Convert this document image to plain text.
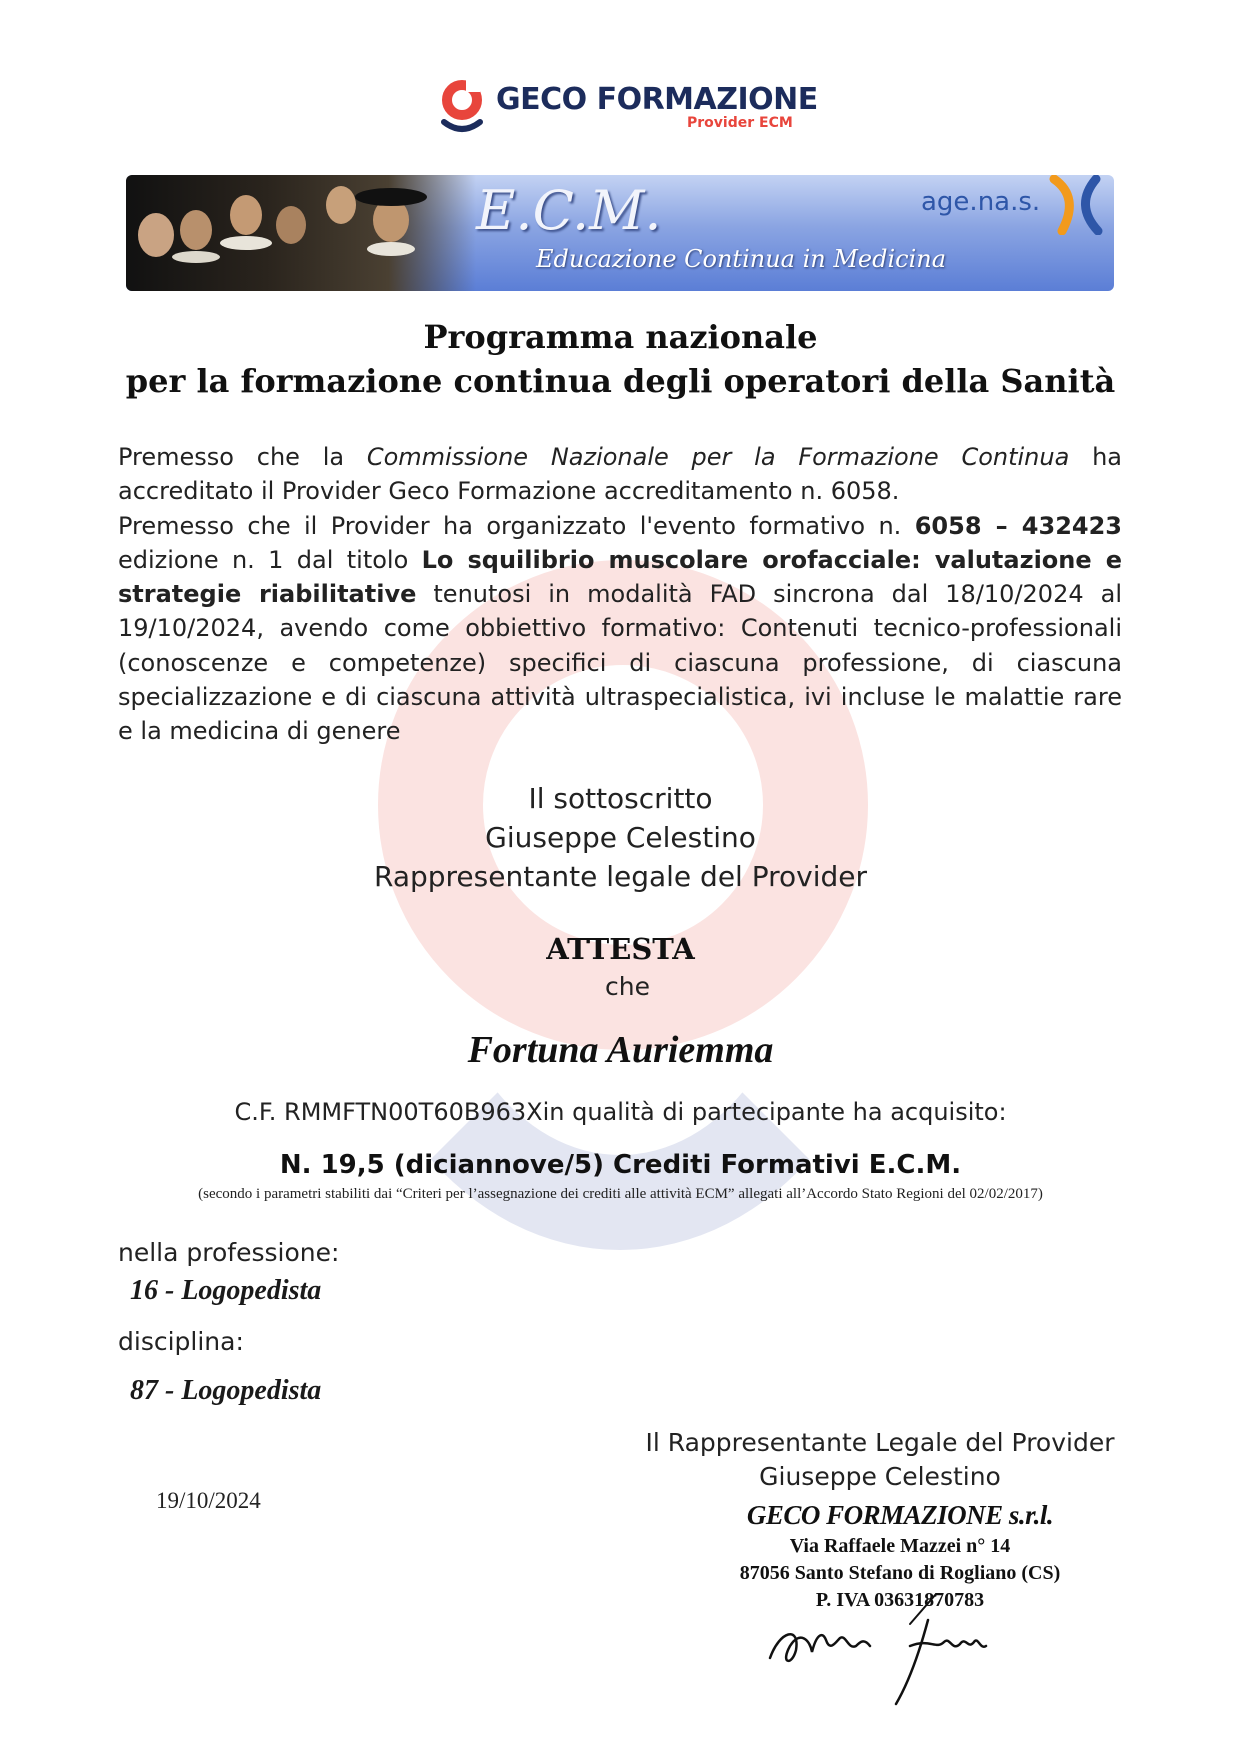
GECO FORMAZIONE
Provider ECM
E.C.M.
Educazione Continua in Medicina
age.na.s.
Programma nazionale
per la formazione continua degli operatori della Sanità
Premesso che la Commissione Nazionale per la Formazione Continua ha accreditato il Provider Geco Formazione accreditamento n. 6058.
Premesso che il Provider ha organizzato l'evento formativo n. 6058 – 432423 edizione n. 1 dal titolo Lo squilibrio muscolare orofacciale: valutazione e strategie riabilitative tenutosi in modalità FAD sincrona dal 18/10/2024 al 19/10/2024, avendo come obbiettivo formativo: Contenuti tecnico-professionali (conoscenze e competenze) specifici di ciascuna professione, di ciascuna specializzazione e di ciascuna attività ultraspecialistica, ivi incluse le malattie rare e la medicina di genere
Il sottoscritto
Giuseppe Celestino
Rappresentante legale del Provider
ATTESTA
che
Fortuna Auriemma
C.F. RMMFTN00T60B963Xin qualità di partecipante ha acquisito:
N. 19,5 (diciannove/5) Crediti Formativi E.C.M.
(secondo i parametri stabiliti dai “Criteri per l’assegnazione dei crediti alle attività ECM” allegati all’Accordo Stato Regioni del 02/02/2017)
nella professione:
16 - Logopedista
disciplina:
87 - Logopedista
19/10/2024
Il Rappresentante Legale del Provider
Giuseppe Celestino
GECO FORMAZIONE s.r.l.
Via Raffaele Mazzei n° 14
87056 Santo Stefano di Rogliano (CS)
P. IVA 03631870783
